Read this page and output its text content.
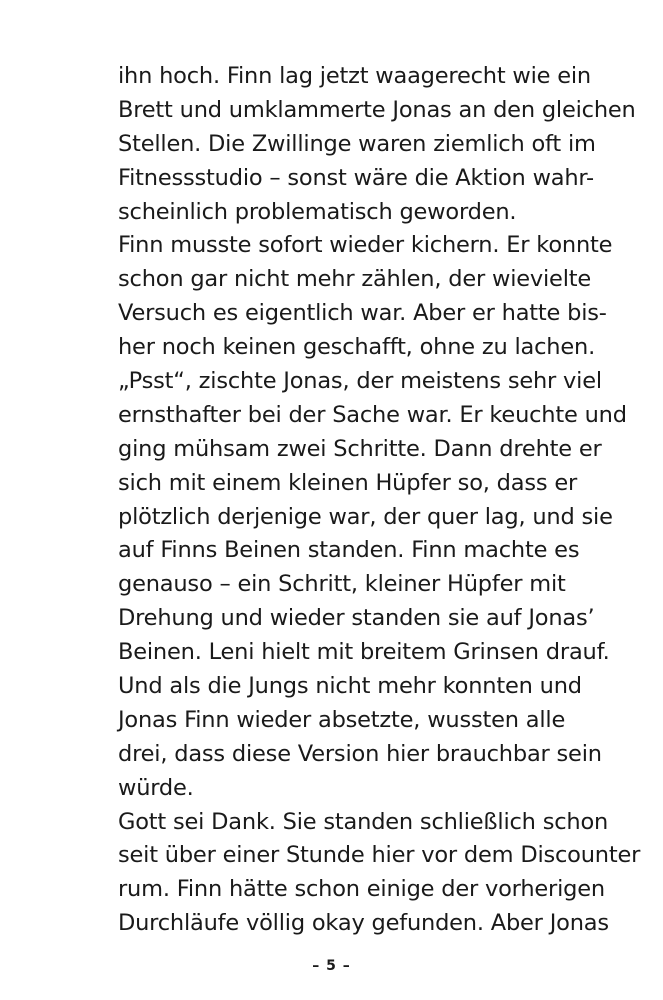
ihn hoch. Finn lag jetzt waagerecht wie ein
Brett und umklammerte Jonas an den gleichen
Stellen. Die Zwillinge waren ziemlich oft im
Fitnessstudio – sonst wäre die Aktion wahr-
scheinlich problematisch geworden.
Finn musste sofort wieder kichern. Er konnte
schon gar nicht mehr zählen, der wievielte
Versuch es eigentlich war. Aber er hatte bis-
her noch keinen geschafft, ohne zu lachen.
„Psst“, zischte Jonas, der meistens sehr viel
ernsthafter bei der Sache war. Er keuchte und
ging mühsam zwei Schritte. Dann drehte er
sich mit einem kleinen Hüpfer so, dass er
plötzlich derjenige war, der quer lag, und sie
auf Finns Beinen standen. Finn machte es
genauso – ein Schritt, kleiner Hüpfer mit
Drehung und wieder standen sie auf Jonas’
Beinen. Leni hielt mit breitem Grinsen drauf.
Und als die Jungs nicht mehr konnten und
Jonas Finn wieder absetzte, wussten alle
drei, dass diese Version hier brauchbar sein
würde.
Gott sei Dank. Sie standen schließlich schon
seit über einer Stunde hier vor dem Discounter
rum. Finn hätte schon einige der vorherigen
Durchläufe völlig okay gefunden. Aber Jonas
– 5 –
